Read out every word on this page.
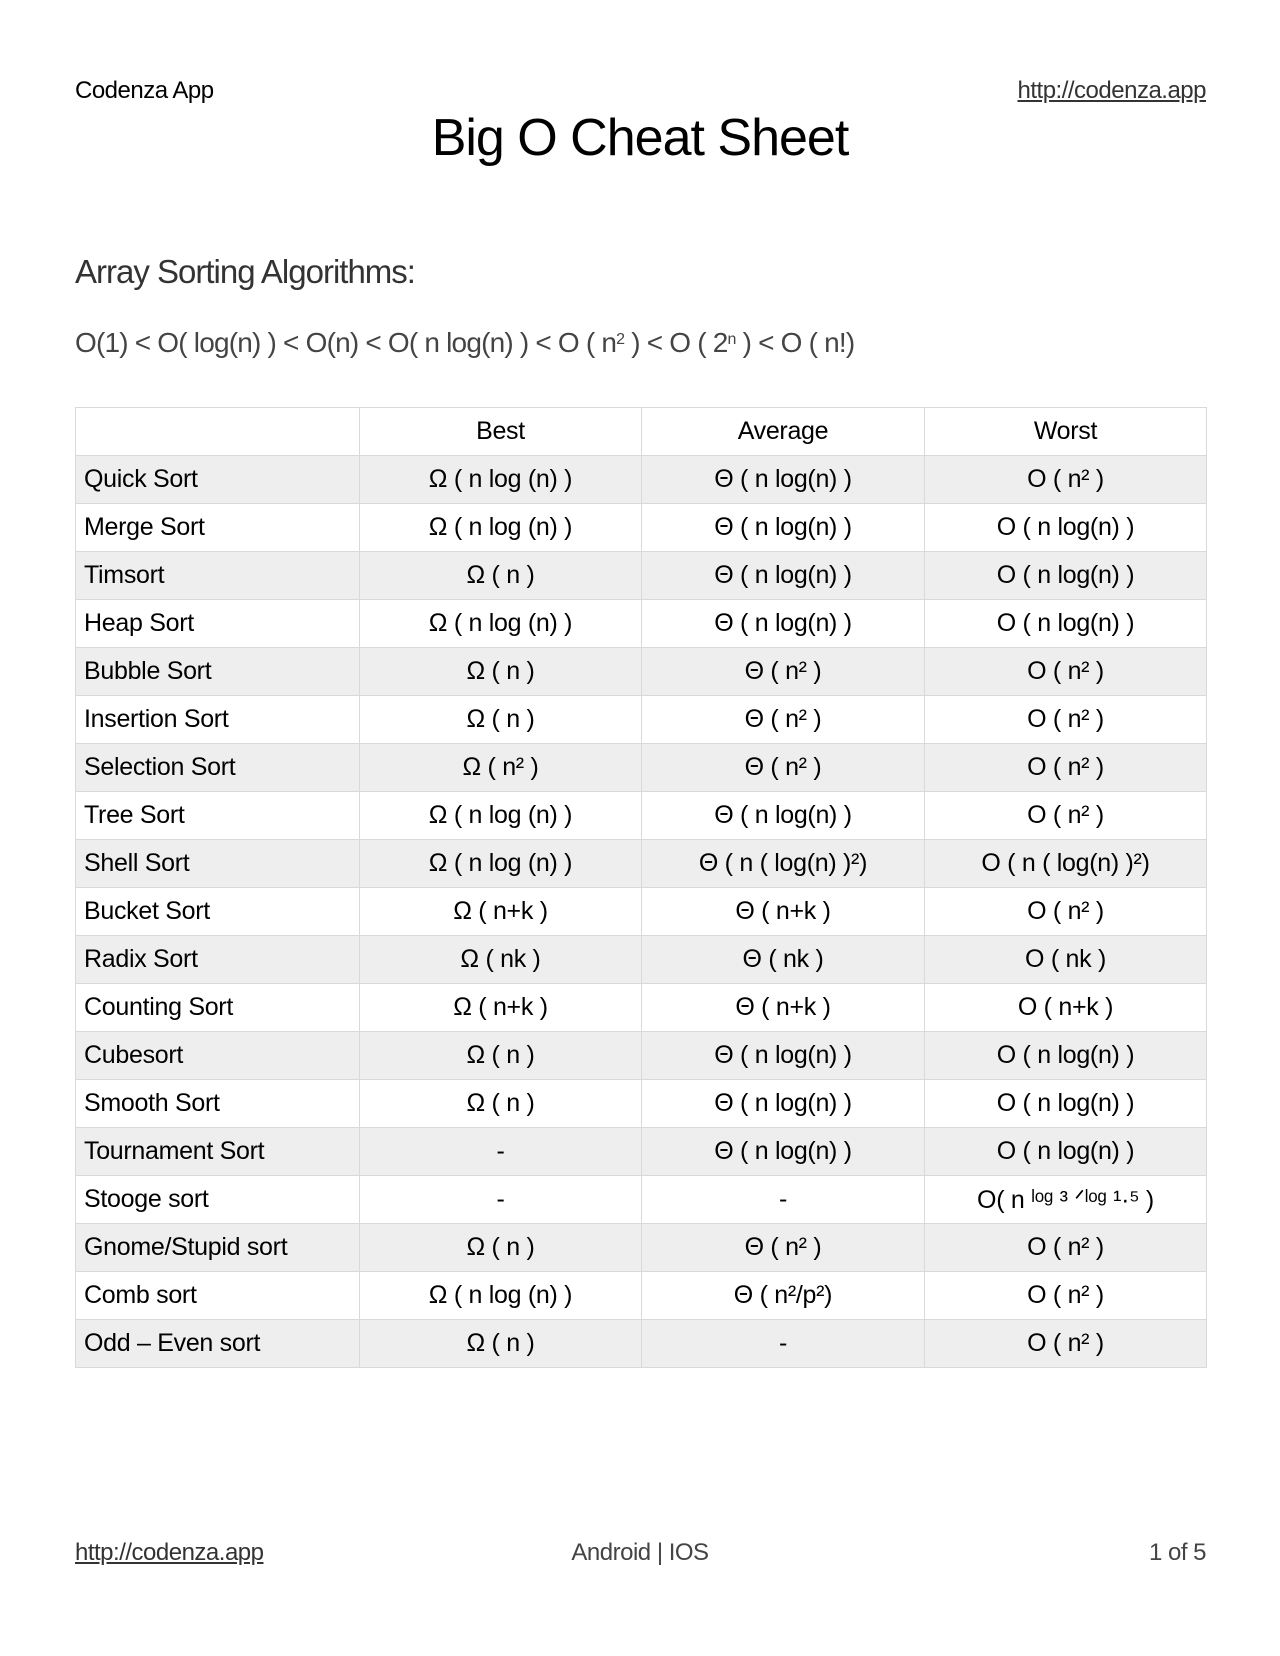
Codenza App	http://codenza.app
Big O Cheat Sheet
Array Sorting Algorithms:
O(1) < O( log(n) ) < O(n) < O( n log(n) ) < O ( $n^2$ ) < O ( 2$^n$ ) < O ( n!)
	Best	Average	Worst
Quick Sort	Ω ( n log (n) )	Θ ( n log(n) )	O ( n² )
Merge Sort	Ω ( n log (n) )	Θ ( n log(n) )	O ( n log(n) )
Timsort	Ω ( n )	Θ ( n log(n) )	O ( n log(n) )
Heap Sort	Ω ( n log (n) )	Θ ( n log(n) )	O ( n log(n) )
Bubble Sort	Ω ( n )	Θ ( n² )	O ( n² )
Insertion Sort	Ω ( n )	Θ ( n² )	O ( n² )
Selection Sort	Ω ( n² )	Θ ( n² )	O ( n² )
Tree Sort	Ω ( n log (n) )	Θ ( n log(n) )	O ( n² )
Shell Sort	Ω ( n log (n) )	Θ ( n ( log(n) )²)	O ( n ( log(n) )²)
Bucket Sort	Ω ( n+k )	Θ ( n+k )	O ( n² )
Radix Sort	Ω ( nk )	Θ ( nk )	O ( nk )
Counting Sort	Ω ( n+k )	Θ ( n+k )	O ( n+k )
Cubesort	Ω ( n )	Θ ( n log(n) )	O ( n log(n) )
Smooth Sort	Ω ( n )	Θ ( n log(n) )	O ( n log(n) )
Tournament Sort	-	Θ ( n log(n) )	O ( n log(n) )
Stooge sort	-	-	O( n ˡᵒᵍ ³ ᐟˡᵒᵍ ¹·⁵ )
Gnome/Stupid sort	Ω ( n )	Θ ( n² )	O ( n² )
Comb sort	Ω ( n log (n) )	Θ ( n²/p²)	O ( n² )
Odd – Even sort	Ω ( n )	-	O ( n² )
http://codenza.app	Android | IOS	1 of 5
